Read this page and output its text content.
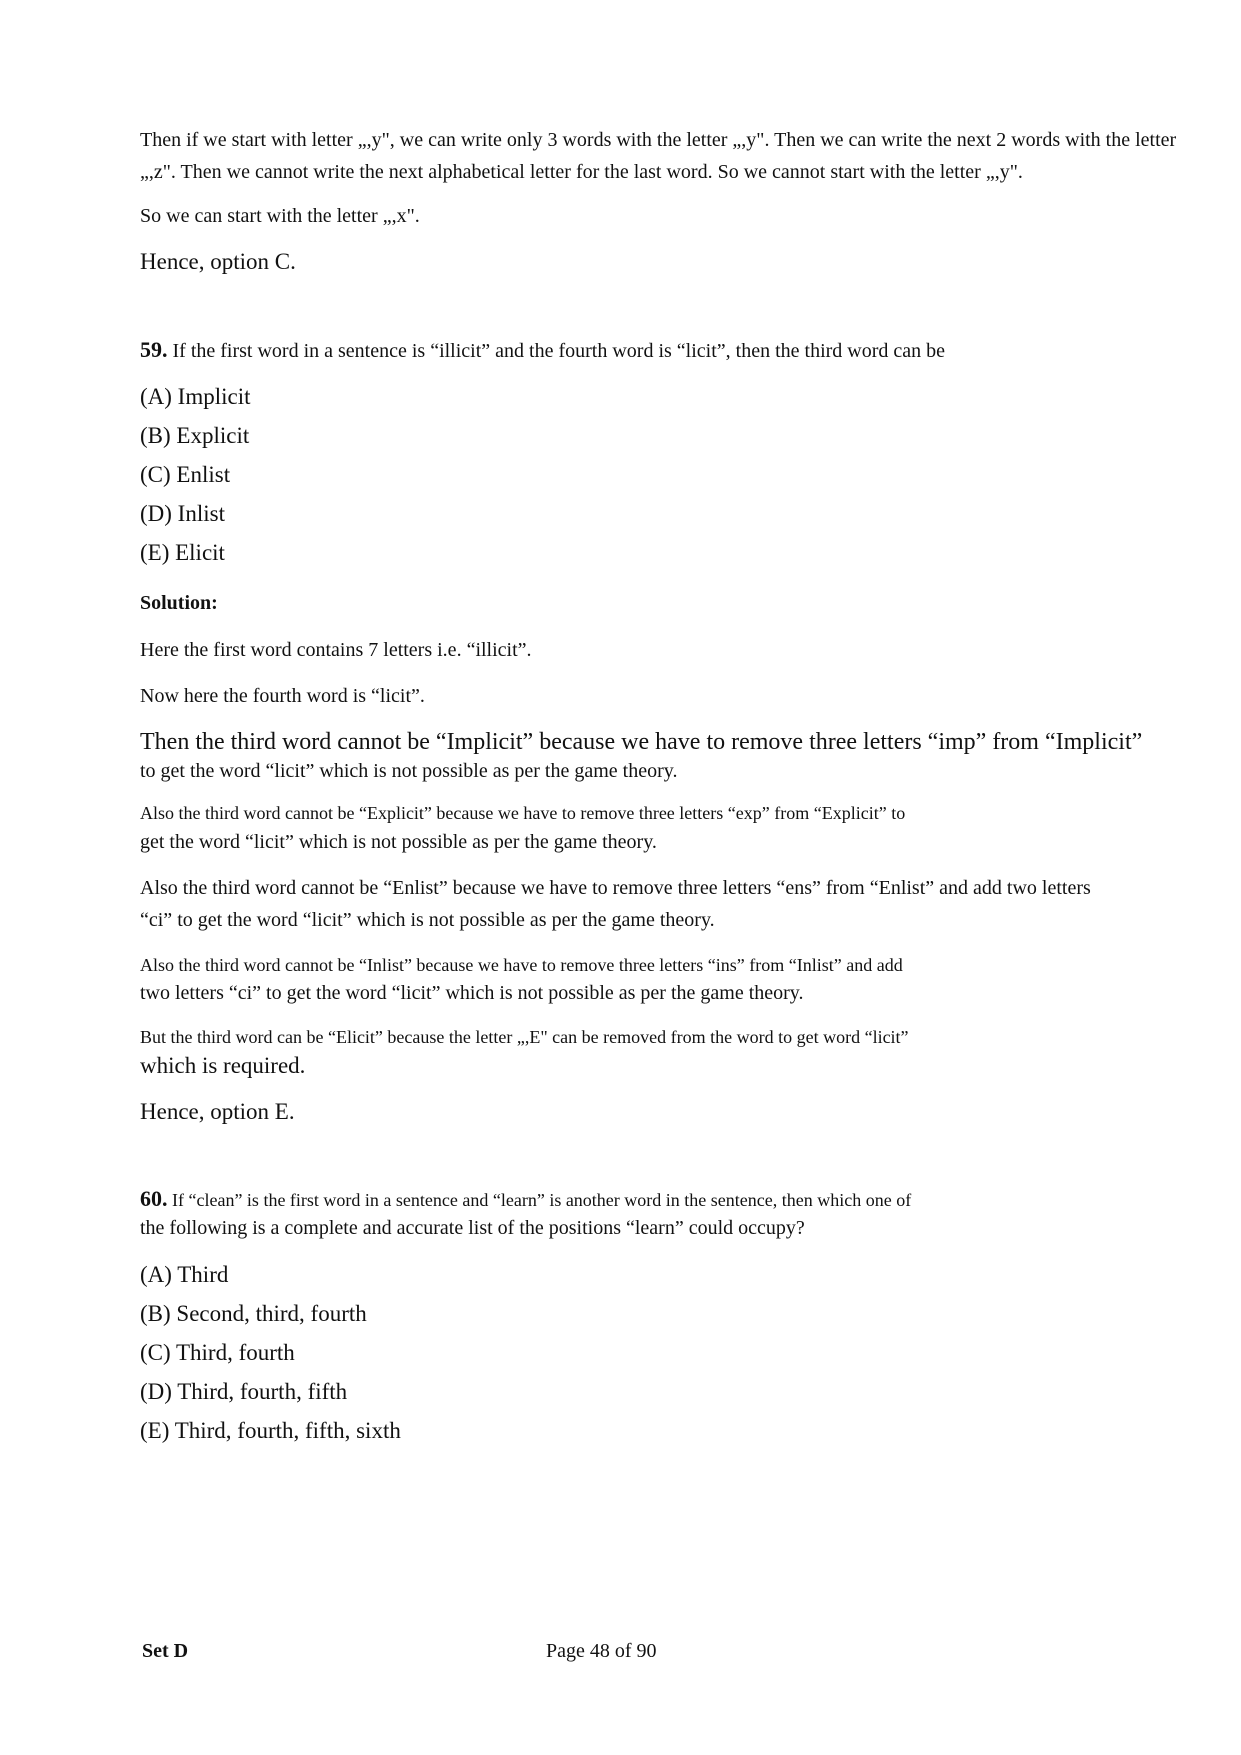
Then if we start with letter „,y", we can write only 3 words with the letter „,y". Then we can write the next 2 words with the letter „,z". Then we cannot write the next alphabetical letter for the last word. So we cannot start with the letter „,y".

So we can start with the letter „,x".

Hence, option C.

59. If the first word in a sentence is “illicit” and the fourth word is “licit”, then the third word can be

(A) Implicit

(B) Explicit

(C) Enlist

(D) Inlist

(E) Elicit

Solution:

Here the first word contains 7 letters i.e. “illicit”.

Now here the fourth word is “licit”.

Then the third word cannot be “Implicit” because we have to remove three letters “imp” from “Implicit”

to get the word “licit” which is not possible as per the game theory.

Also the third word cannot be “Explicit” because we have to remove three letters “exp” from “Explicit” to

get the word “licit” which is not possible as per the game theory.

Also the third word cannot be “Enlist” because we have to remove three letters “ens” from “Enlist” and add two letters “ci” to get the word “licit” which is not possible as per the game theory.

Also the third word cannot be “Inlist” because we have to remove three letters “ins” from “Inlist” and add

two letters “ci” to get the word “licit” which is not possible as per the game theory.

But the third word can be “Elicit” because the letter „,E" can be removed from the word to get word “licit”

which is required.

Hence, option E.

60. If “clean” is the first word in a sentence and “learn” is another word in the sentence, then which one of

the following is a complete and accurate list of the positions “learn” could occupy?

(A) Third

(B) Second, third, fourth

(C) Third, fourth

(D) Third, fourth, fifth

(E) Third, fourth, fifth, sixth

Set D	Page 48 of 90
